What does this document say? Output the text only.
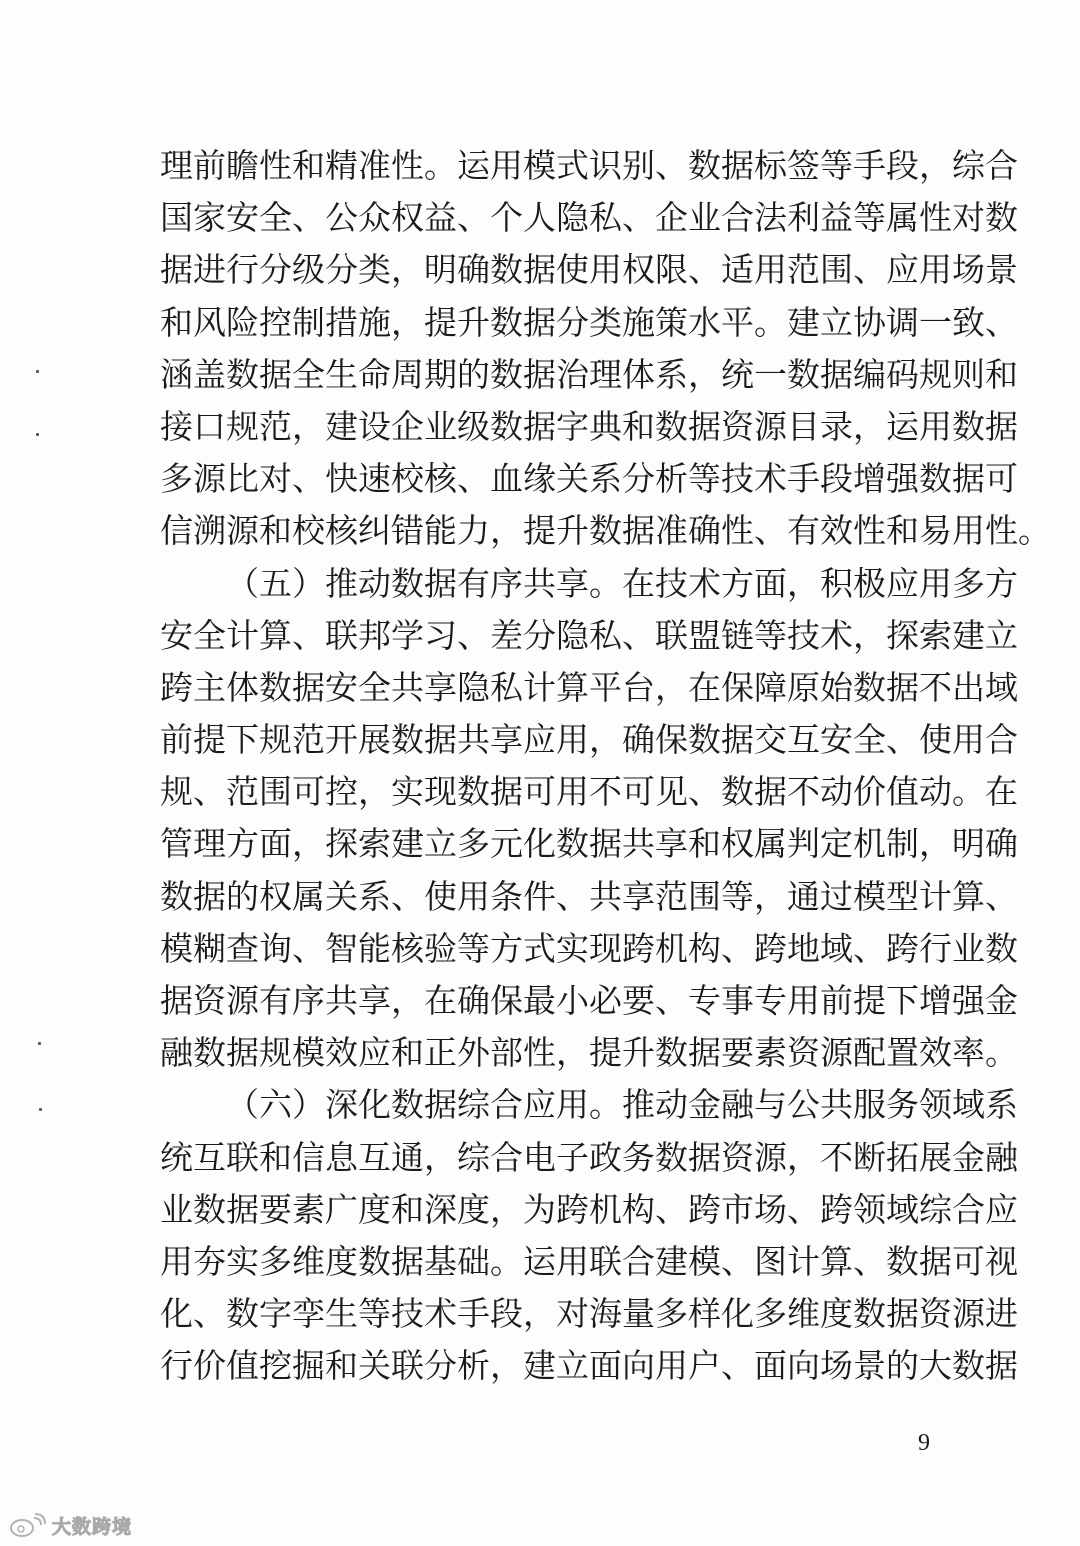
理前瞻性和精准性。运用模式识别、数据标签等手段，综合
国家安全、公众权益、个人隐私、企业合法利益等属性对数
据进行分级分类，明确数据使用权限、适用范围、应用场景
和风险控制措施，提升数据分类施策水平。建立协调一致、
涵盖数据全生命周期的数据治理体系，统一数据编码规则和
接口规范，建设企业级数据字典和数据资源目录，运用数据
多源比对、快速校核、血缘关系分析等技术手段增强数据可
信溯源和校核纠错能力，提升数据准确性、有效性和易用性。
（五）推动数据有序共享。在技术方面，积极应用多方
安全计算、联邦学习、差分隐私、联盟链等技术，探索建立
跨主体数据安全共享隐私计算平台，在保障原始数据不出域
前提下规范开展数据共享应用，确保数据交互安全、使用合
规、范围可控，实现数据可用不可见、数据不动价值动。在
管理方面，探索建立多元化数据共享和权属判定机制，明确
数据的权属关系、使用条件、共享范围等，通过模型计算、
模糊查询、智能核验等方式实现跨机构、跨地域、跨行业数
据资源有序共享，在确保最小必要、专事专用前提下增强金
融数据规模效应和正外部性，提升数据要素资源配置效率。
（六）深化数据综合应用。推动金融与公共服务领域系
统互联和信息互通，综合电子政务数据资源，不断拓展金融
业数据要素广度和深度，为跨机构、跨市场、跨领域综合应
用夯实多维度数据基础。运用联合建模、图计算、数据可视
化、数字孪生等技术手段，对海量多样化多维度数据资源进
行价值挖掘和关联分析，建立面向用户、面向场景的大数据
9
大数跨境
